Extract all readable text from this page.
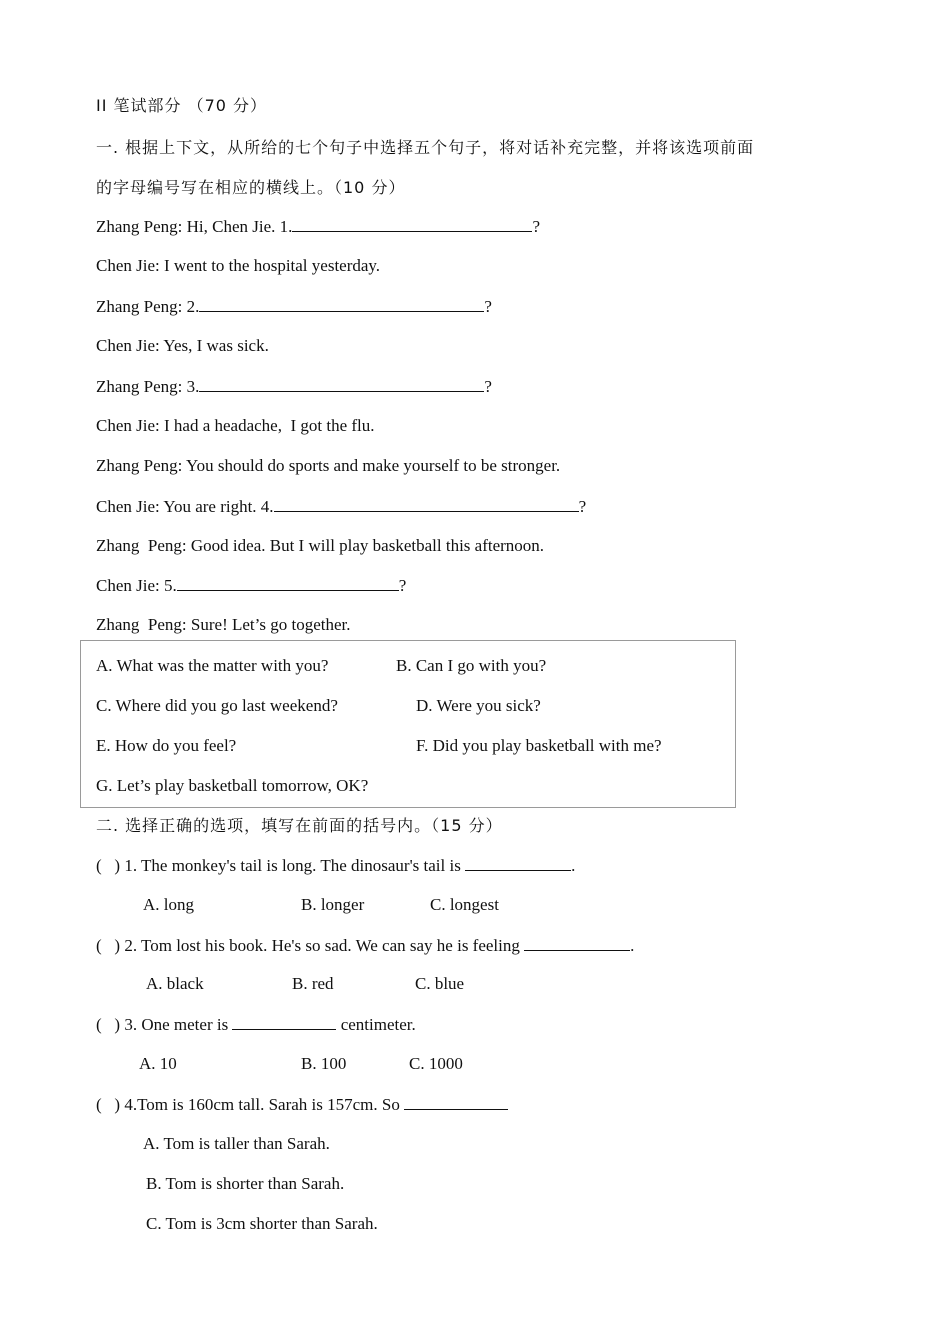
II 笔试部分 （70 分）
一. 根据上下文，从所给的七个句子中选择五个句子，将对话补充完整，并将该选项前面
的字母编号写在相应的横线上。（10 分）
Zhang Peng: Hi, Chen Jie. 1.	?
Chen Jie: I went to the hospital yesterday.
Zhang Peng: 2.	?
Chen Jie: Yes, I was sick.
Zhang Peng: 3.	?
Chen Jie: I had a headache,  I got the flu.
Zhang Peng: You should do sports and make yourself to be stronger.
Chen Jie: You are right. 4.	?
Zhang  Peng: Good idea. But I will play basketball this afternoon.
Chen Jie: 5.	?
Zhang  Peng: Sure! Let’s go together.
A. What was the matter with you?	B. Can I go with you?
C. Where did you go last weekend?	D. Were you sick?
E. How do you feel?	F. Did you play basketball with me?
G. Let’s play basketball tomorrow, OK?
二. 选择正确的选项，填写在前面的括号内。（15 分）
(   ) 1. The monkey's tail is long. The dinosaur's tail is	.
A. long	B. longer	C. longest
(   ) 2. Tom lost his book. He's so sad. We can say he is feeling	.
A. black	B. red	C. blue
(   ) 3. One meter is	centimeter.
A. 10	B. 100	C. 1000
(   ) 4.Tom is 160cm tall. Sarah is 157cm. So
A. Tom is taller than Sarah.
B. Tom is shorter than Sarah.
C. Tom is 3cm shorter than Sarah.
